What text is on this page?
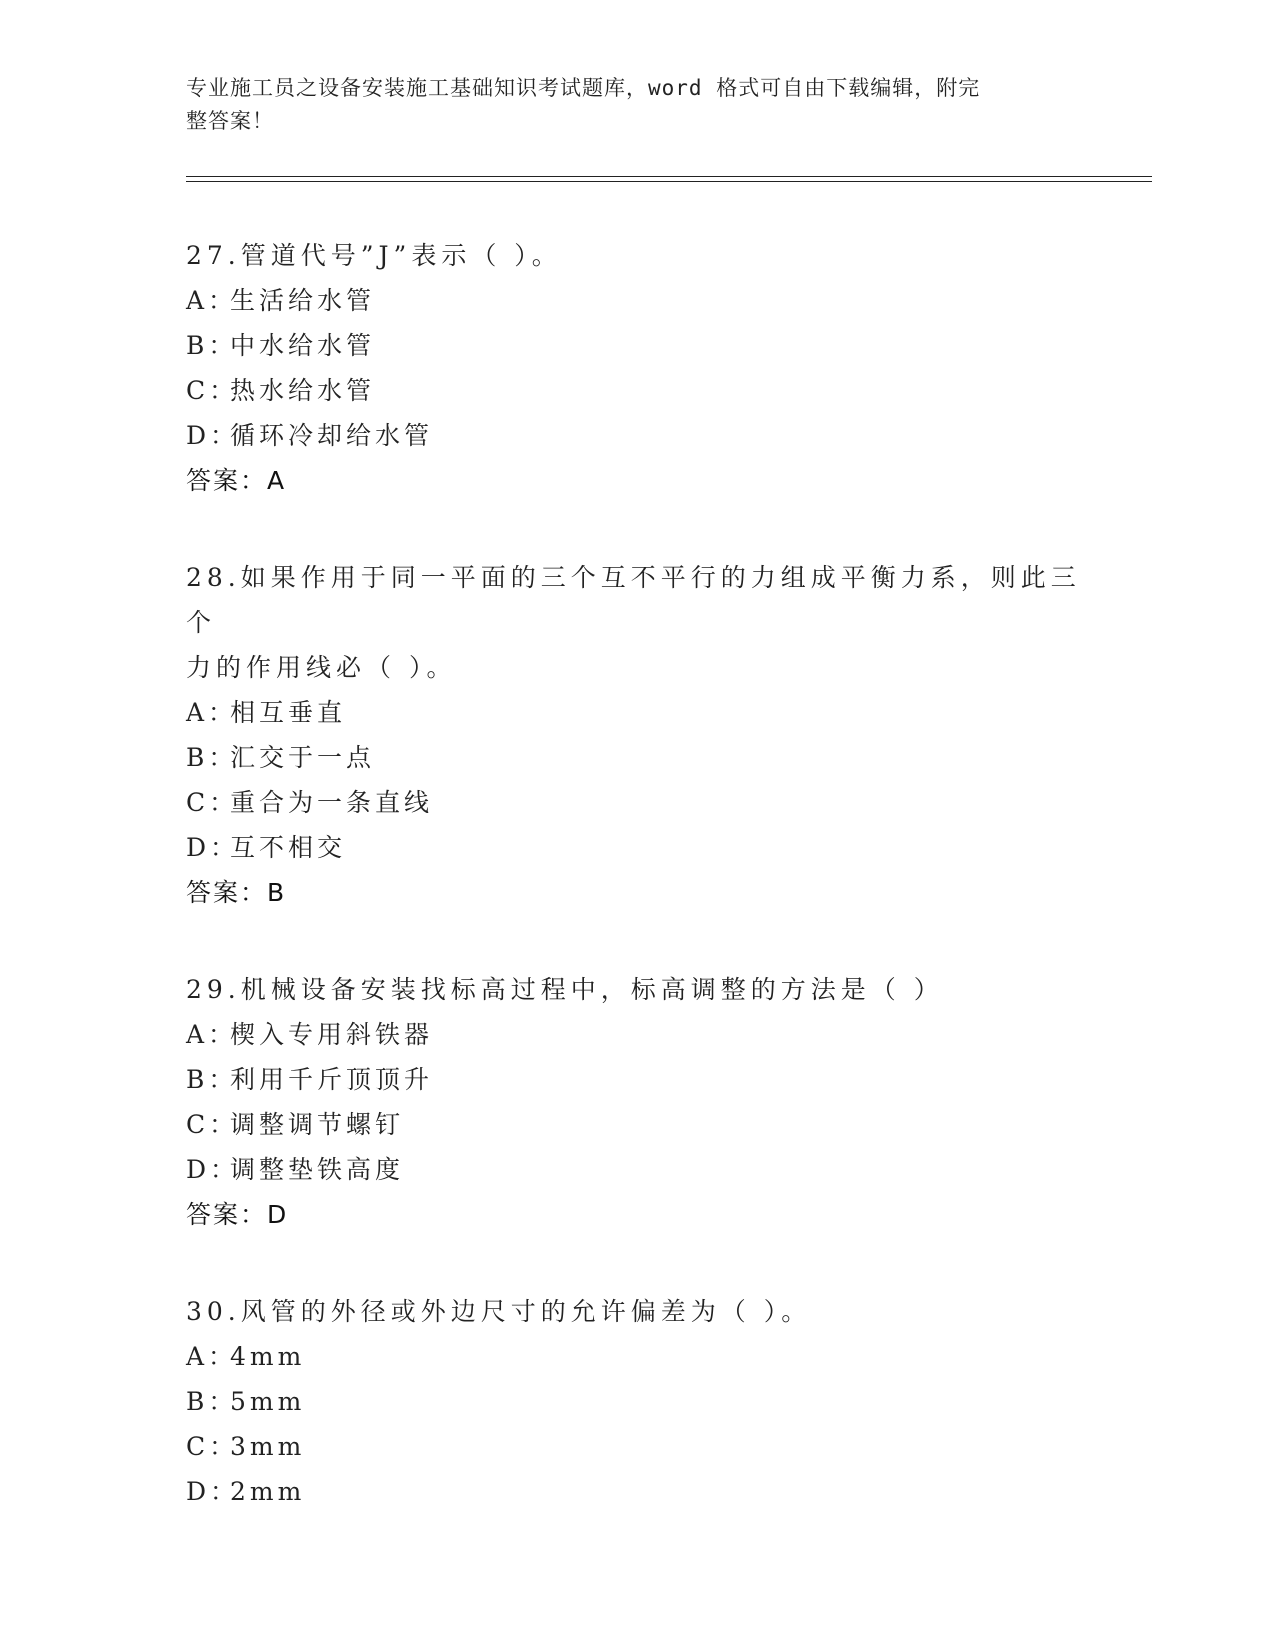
专业施工员之设备安装施工基础知识考试题库，word 格式可自由下载编辑，附完
整答案！
27.管道代号”J”表示（ ）。
A：
生活给水管
B：
中水给水管
C：
热水给水管
D：
循环冷却给水管
答案：A
28.如果作用于同一平面的三个互不平行的力组成平衡力系，则此三个
力的作用线必（ ）。
A：
相互垂直
B：
汇交于一点
C：
重合为一条直线
D：
互不相交
答案：B
29.机械设备安装找标高过程中，标高调整的方法是（ ）
A：
楔入专用斜铁器
B：
利用千斤顶顶升
C：
调整调节螺钉
D：
调整垫铁高度
答案：D
30.风管的外径或外边尺寸的允许偏差为（ ）。
A：
4mm
B：
5mm
C：
3mm
D：
2mm
